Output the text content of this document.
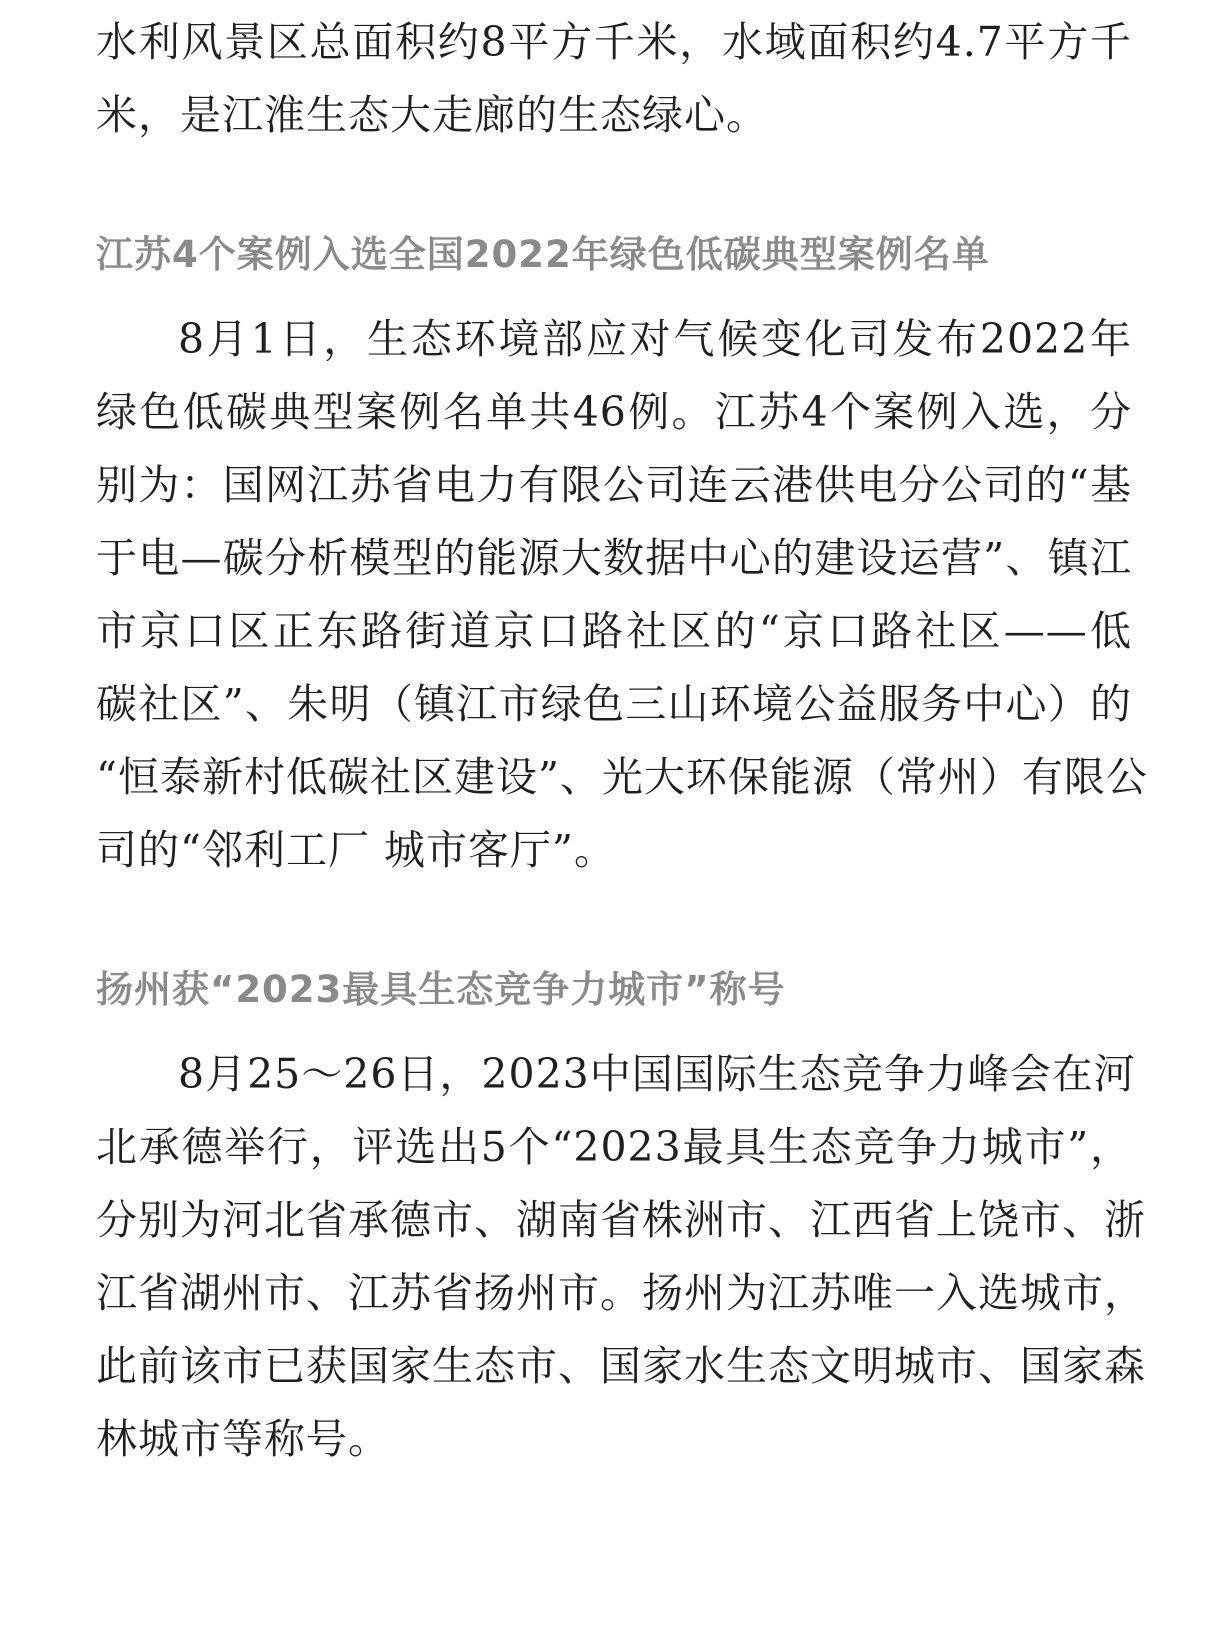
水利风景区总面积约8平方千米，水域面积约4.7平方千
米，是江淮生态大走廊的生态绿心。
江苏4个案例入选全国2022年绿色低碳典型案例名单
8月1日，生态环境部应对气候变化司发布2022年
绿色低碳典型案例名单共46例。江苏4个案例入选，分
别为：国网江苏省电力有限公司连云港供电分公司的“基
于电—碳分析模型的能源大数据中心的建设运营”、镇江
市京口区正东路街道京口路社区的“京口路社区——低
碳社区”、朱明（镇江市绿色三山环境公益服务中心）的
“恒泰新村低碳社区建设”、光大环保能源（常州）有限公
司的“邻利工厂 城市客厅”。
扬州获“2023最具生态竞争力城市”称号
8月25～26日，2023中国国际生态竞争力峰会在河
北承德举行，评选出5个“2023最具生态竞争力城市”，
分别为河北省承德市、湖南省株洲市、江西省上饶市、浙
江省湖州市、江苏省扬州市。扬州为江苏唯一入选城市，
此前该市已获国家生态市、国家水生态文明城市、国家森
林城市等称号。
